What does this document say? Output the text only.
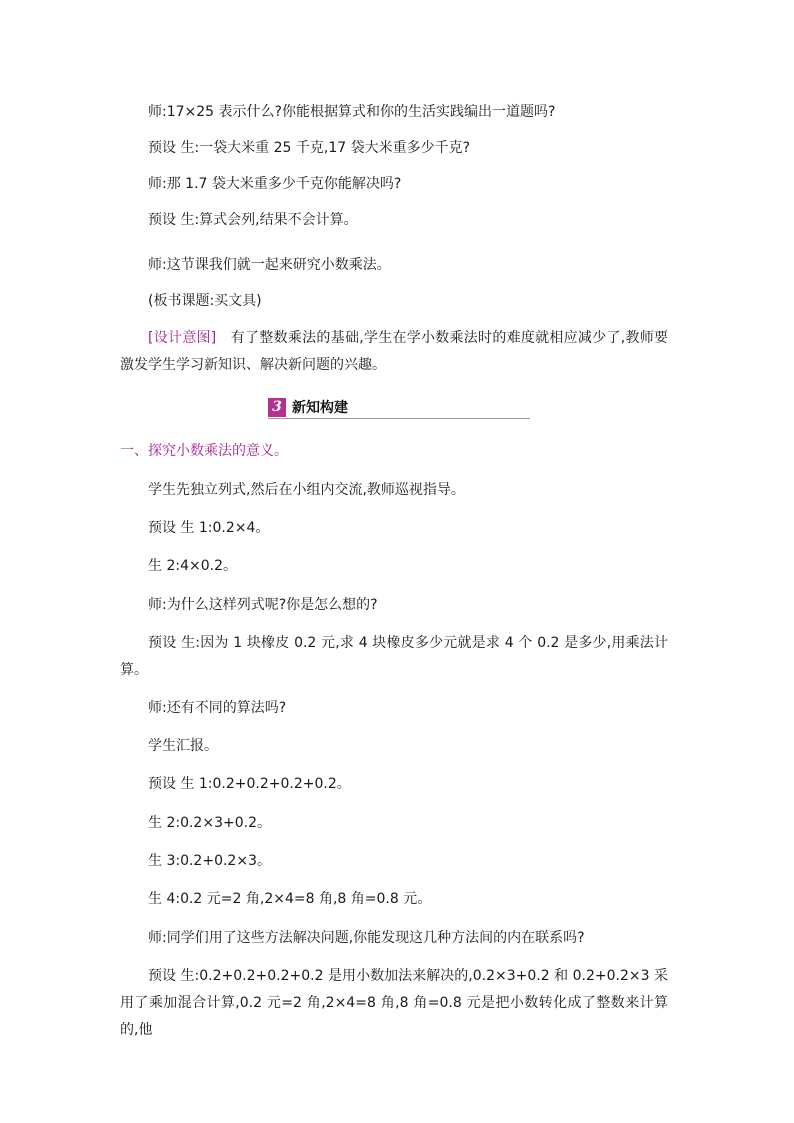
师:17×25 表示什么?你能根据算式和你的生活实践编出一道题吗?
预设 生:一袋大米重 25 千克,17 袋大米重多少千克?
师:那 1.7 袋大米重多少千克你能解决吗?
预设 生:算式会列,结果不会计算。
师:这节课我们就一起来研究小数乘法。
(板书课题:买文具)
[设计意图]　有了整数乘法的基础,学生在学小数乘法时的难度就相应减少了,教师要激发学生学习新知识、解决新问题的兴趣。
3 新知构建
一、探究小数乘法的意义。
学生先独立列式,然后在小组内交流,教师巡视指导。
预设 生 1:0.2×4。
生 2:4×0.2。
师:为什么这样列式呢?你是怎么想的?
预设 生:因为 1 块橡皮 0.2 元,求 4 块橡皮多少元就是求 4 个 0.2 是多少,用乘法计算。
师:还有不同的算法吗?
学生汇报。
预设 生 1:0.2+0.2+0.2+0.2。
生 2:0.2×3+0.2。
生 3:0.2+0.2×3。
生 4:0.2 元=2 角,2×4=8 角,8 角=0.8 元。
师:同学们用了这些方法解决问题,你能发现这几种方法间的内在联系吗?
预设 生:0.2+0.2+0.2+0.2 是用小数加法来解决的,0.2×3+0.2 和 0.2+0.2×3 采用了乘加混合计算,0.2 元=2 角,2×4=8 角,8 角=0.8 元是把小数转化成了整数来计算的,他
